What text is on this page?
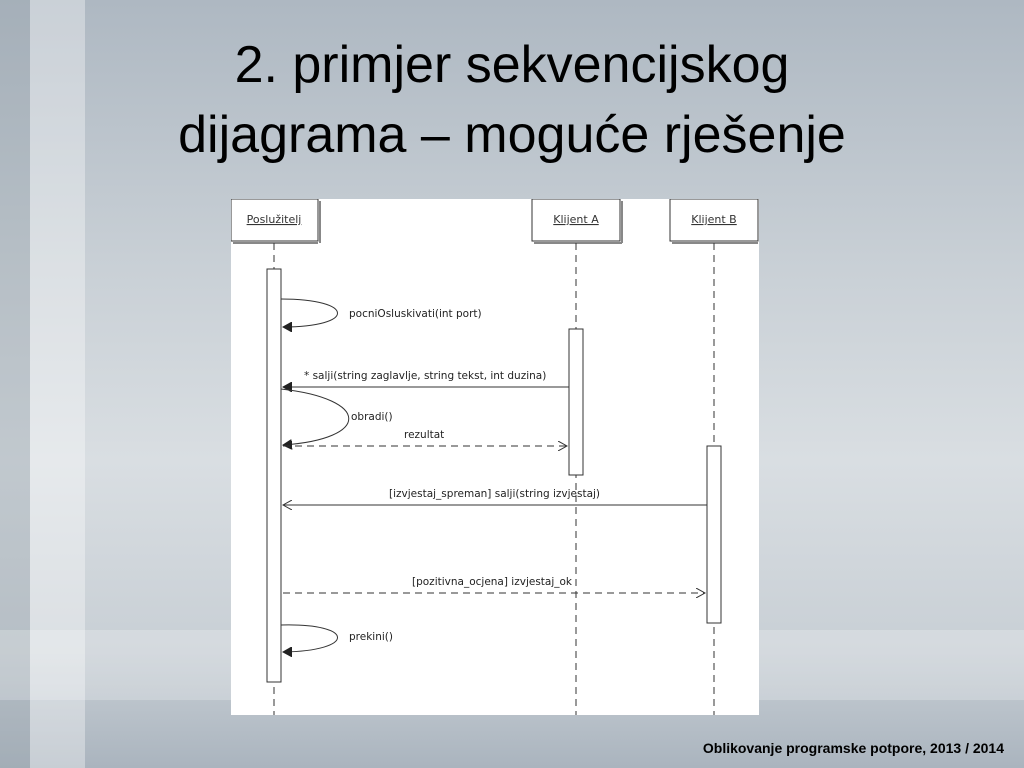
2. primjer sekvencijskog
dijagrama – moguće rješenje
Poslužitelj	Klijent A	Klijent B
pocniOsluskivati(int port)
* salji(string zaglavlje, string tekst, int duzina)
obradi()
rezultat
[izvjestaj_spreman] salji(string izvjestaj)
[pozitivna_ocjena] izvjestaj_ok
prekini()
Oblikovanje programske potpore, 2013 / 2014
